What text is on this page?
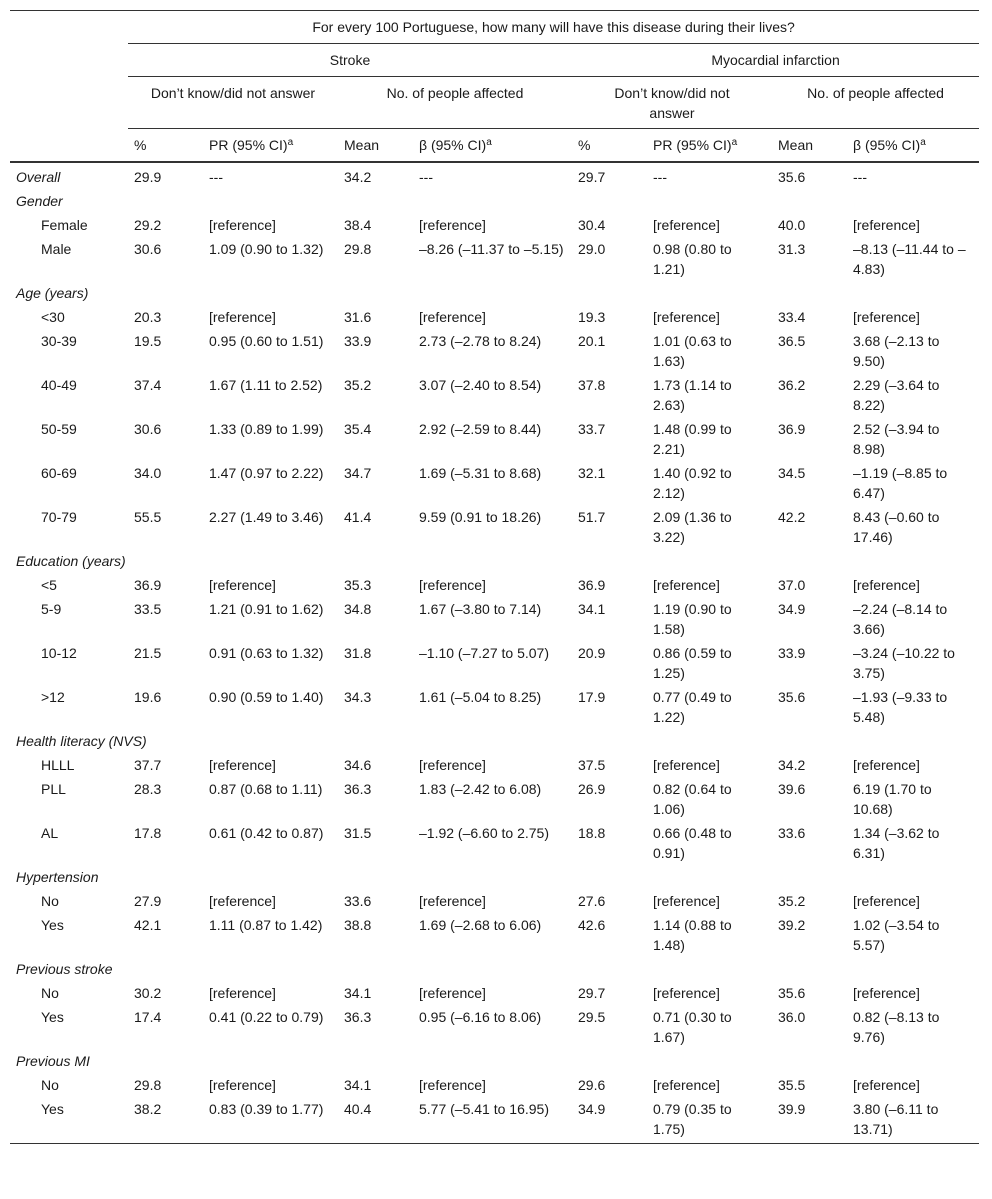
	For every 100 Portuguese, how many will have this disease during their lives?							
	Stroke				Myocardial infarction			
	Don’t know/did not answer		No. of people affected		Don’t know/did not answer		No. of people affected	
	%	PR (95% CI)$^a$	Mean	β (95% CI)$^a$	%	PR (95% CI)$^a$	Mean	β (95% CI)$^a$
Overall	29.9	---	34.2	---	29.7	---	35.6	---
Gender								
Female	29.2	[reference]	38.4	[reference]	30.4	[reference]	40.0	[reference]
Male	30.6	1.09 (0.90 to 1.32)	29.8	–8.26 (–11.37 to –5.15)	29.0	0.98 (0.80 to 1.21)	31.3	–8.13 (–11.44 to –4.83)
Age (years)								
<30	20.3	[reference]	31.6	[reference]	19.3	[reference]	33.4	[reference]
30-39	19.5	0.95 (0.60 to 1.51)	33.9	2.73 (–2.78 to 8.24)	20.1	1.01 (0.63 to 1.63)	36.5	3.68 (–2.13 to 9.50)
40-49	37.4	1.67 (1.11 to 2.52)	35.2	3.07 (–2.40 to 8.54)	37.8	1.73 (1.14 to 2.63)	36.2	2.29 (–3.64 to 8.22)
50-59	30.6	1.33 (0.89 to 1.99)	35.4	2.92 (–2.59 to 8.44)	33.7	1.48 (0.99 to 2.21)	36.9	2.52 (–3.94 to 8.98)
60-69	34.0	1.47 (0.97 to 2.22)	34.7	1.69 (–5.31 to 8.68)	32.1	1.40 (0.92 to 2.12)	34.5	–1.19 (–8.85 to 6.47)
70-79	55.5	2.27 (1.49 to 3.46)	41.4	9.59 (0.91 to 18.26)	51.7	2.09 (1.36 to 3.22)	42.2	8.43 (–0.60 to 17.46)
Education (years)								
<5	36.9	[reference]	35.3	[reference]	36.9	[reference]	37.0	[reference]
5-9	33.5	1.21 (0.91 to 1.62)	34.8	1.67 (–3.80 to 7.14)	34.1	1.19 (0.90 to 1.58)	34.9	–2.24 (–8.14 to 3.66)
10-12	21.5	0.91 (0.63 to 1.32)	31.8	–1.10 (–7.27 to 5.07)	20.9	0.86 (0.59 to 1.25)	33.9	–3.24 (–10.22 to 3.75)
>12	19.6	0.90 (0.59 to 1.40)	34.3	1.61 (–5.04 to 8.25)	17.9	0.77 (0.49 to 1.22)	35.6	–1.93 (–9.33 to 5.48)
Health literacy (NVS)								
HLLL	37.7	[reference]	34.6	[reference]	37.5	[reference]	34.2	[reference]
PLL	28.3	0.87 (0.68 to 1.11)	36.3	1.83 (–2.42 to 6.08)	26.9	0.82 (0.64 to 1.06)	39.6	6.19 (1.70 to 10.68)
AL	17.8	0.61 (0.42 to 0.87)	31.5	–1.92 (–6.60 to 2.75)	18.8	0.66 (0.48 to 0.91)	33.6	1.34 (–3.62 to 6.31)
Hypertension								
No	27.9	[reference]	33.6	[reference]	27.6	[reference]	35.2	[reference]
Yes	42.1	1.11 (0.87 to 1.42)	38.8	1.69 (–2.68 to 6.06)	42.6	1.14 (0.88 to 1.48)	39.2	1.02 (–3.54 to 5.57)
Previous stroke								
No	30.2	[reference]	34.1	[reference]	29.7	[reference]	35.6	[reference]
Yes	17.4	0.41 (0.22 to 0.79)	36.3	0.95 (–6.16 to 8.06)	29.5	0.71 (0.30 to 1.67)	36.0	0.82 (–8.13 to 9.76)
Previous MI								
No	29.8	[reference]	34.1	[reference]	29.6	[reference]	35.5	[reference]
Yes	38.2	0.83 (0.39 to 1.77)	40.4	5.77 (–5.41 to 16.95)	34.9	0.79 (0.35 to 1.75)	39.9	3.80 (–6.11 to 13.71)
